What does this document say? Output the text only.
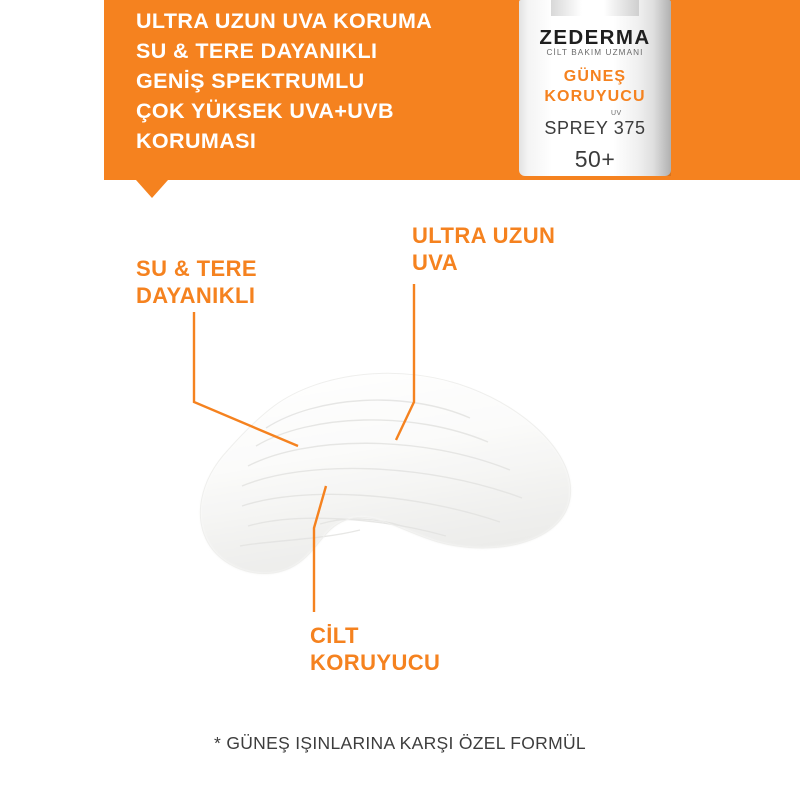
ULTRA UZUN UVA KORUMA
SU & TERE DAYANIKLI
GENİŞ SPEKTRUMLU
ÇOK YÜKSEK UVA+UVB
KORUMASI
ZEDERMA
CİLT BAKIM UZMANI
GÜNEŞ
KORUYUCU
UV
SPREY 375
50+
SU & TERE
DAYANIKLI
ULTRA UZUN
UVA
CİLT
KORUYUCU
* GÜNEŞ IŞINLARINA KARŞI ÖZEL FORMÜL
